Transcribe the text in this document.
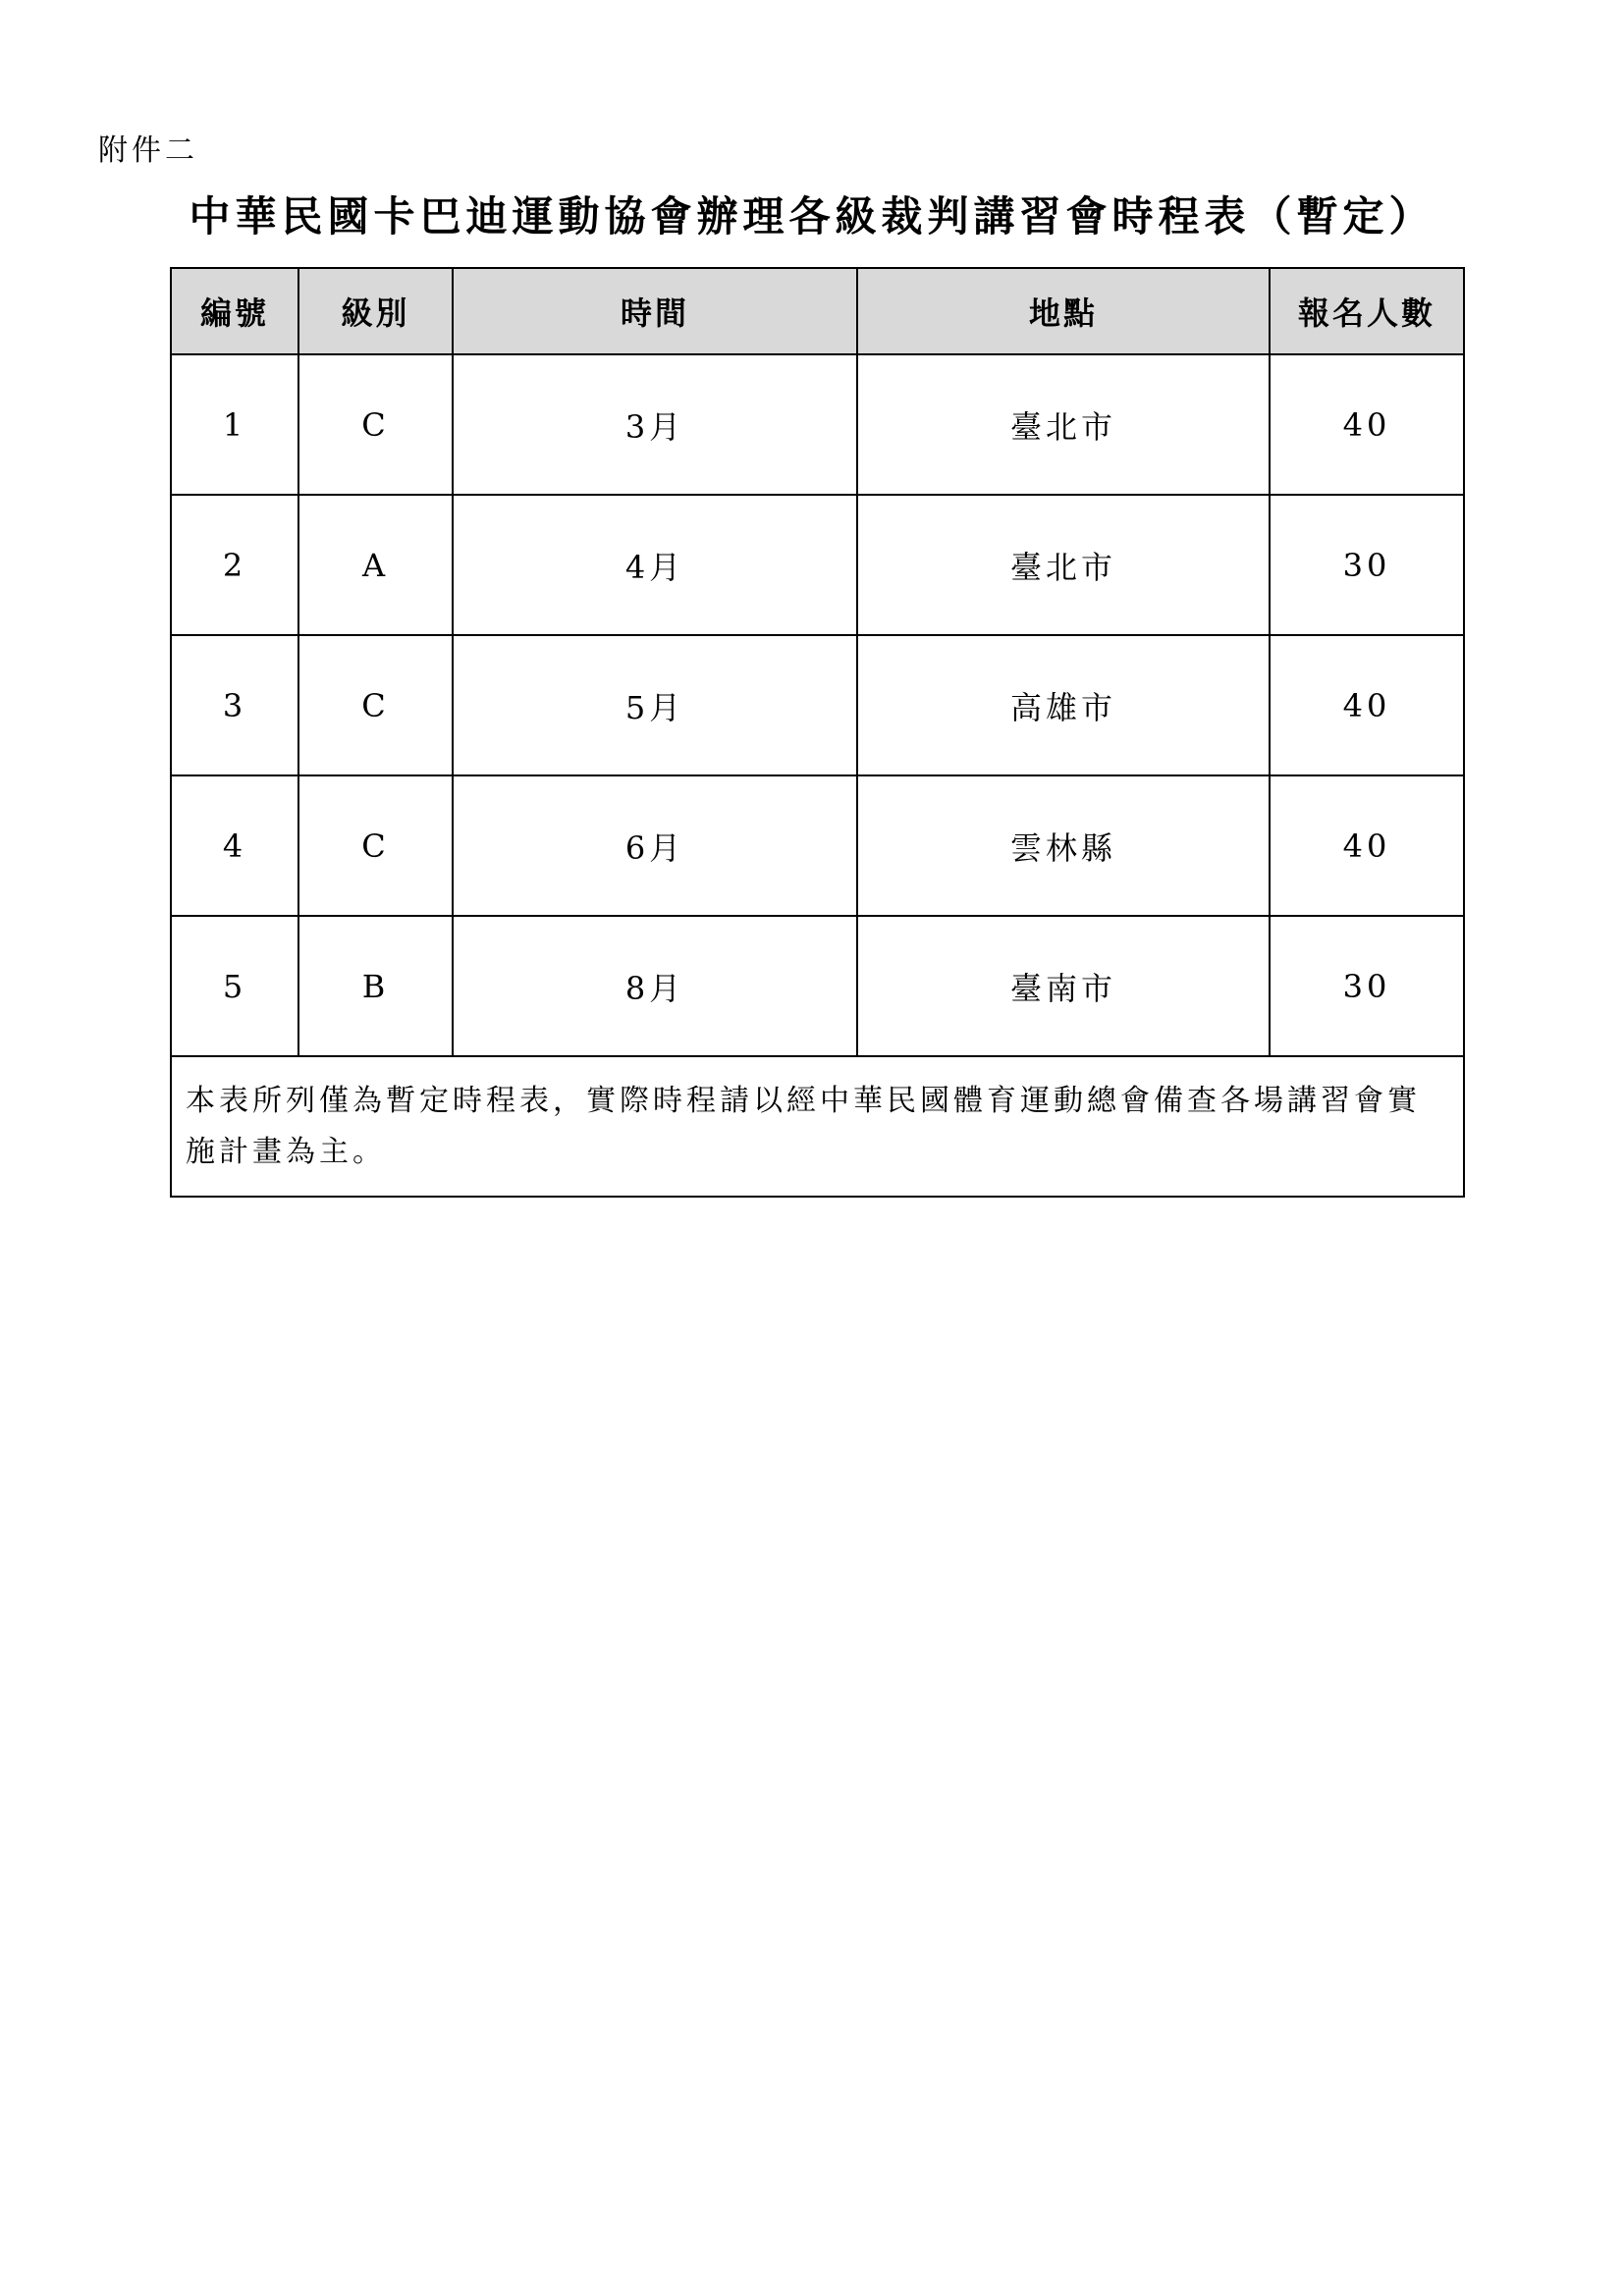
附件二
中華民國卡巴迪運動協會辦理各級裁判講習會時程表（暫定）
編號	級別	時間	地點	報名人數
1	C	3月	臺北市	40
2	A	4月	臺北市	30
3	C	5月	高雄市	40
4	C	6月	雲林縣	40
5	B	8月	臺南市	30
本表所列僅為暫定時程表，實際時程請以經中華民國體育運動總會備查各場講習會實施計畫為主。				
